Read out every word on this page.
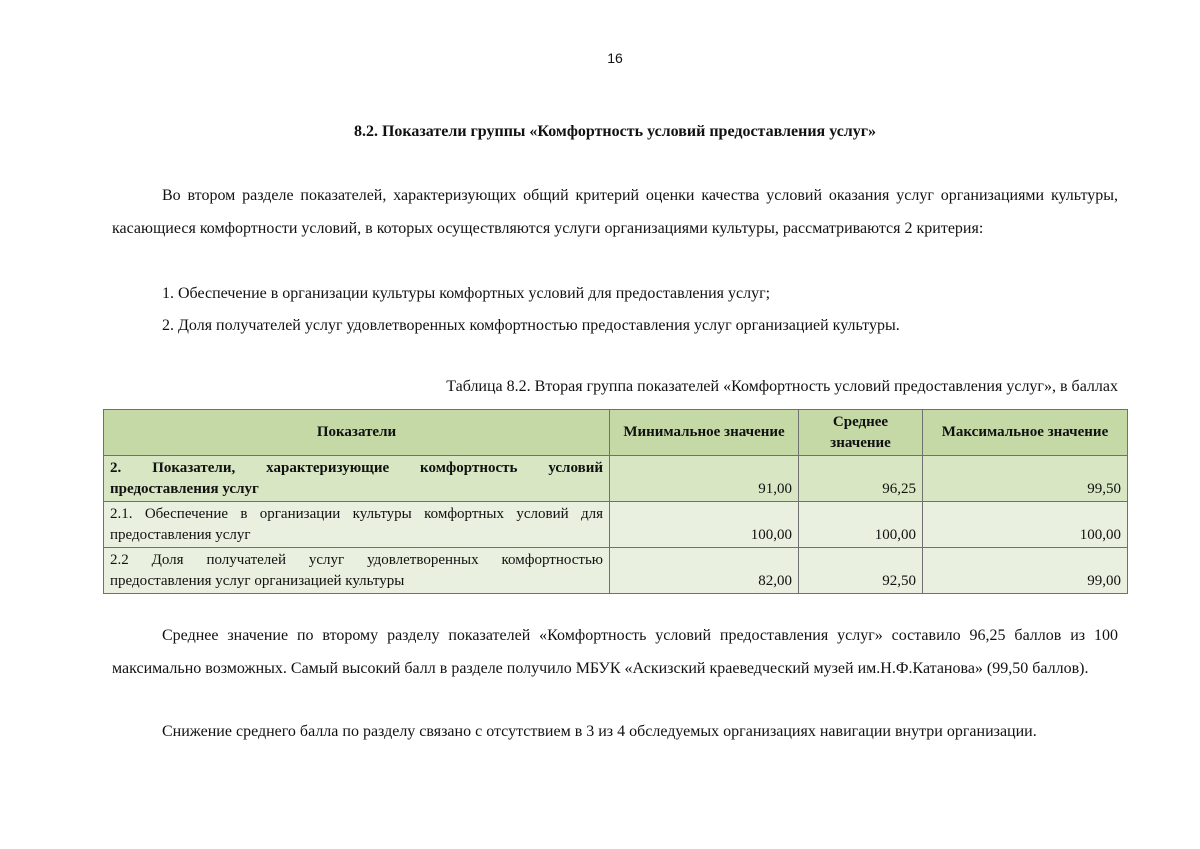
16
8.2. Показатели группы «Комфортность условий предоставления услуг»

Во втором разделе показателей, характеризующих общий критерий оценки качества условий оказания услуг организациями культуры, касающиеся комфортности условий, в которых осуществляются услуги организациями культуры, рассматриваются 2 критерия:

1. Обеспечение в организации культуры комфортных условий для предоставления услуг;

2. Доля получателей услуг удовлетворенных комфортностью предоставления услуг организацией культуры.

Таблица 8.2. Вторая группа показателей «Комфортность условий предоставления услуг», в баллах
Показатели	Минимальное значение	Среднее значение	Максимальное значение
2. Показатели, характеризующие комфортность условий предоставления услуг	91,00	96,25	99,50
2.1. Обеспечение в организации культуры комфортных условий для предоставления услуг	100,00	100,00	100,00
2.2 Доля получателей услуг удовлетворенных комфортностью предоставления услуг организацией культуры	82,00	92,50	99,00

Среднее значение по второму разделу показателей «Комфортность условий предоставления услуг» составило 96,25 баллов из 100 максимально возможных. Самый высокий балл в разделе получило МБУК «Аскизский краеведческий музей им.Н.Ф.Катанова» (99,50 баллов).

Снижение среднего балла по разделу связано с отсутствием в 3 из 4 обследуемых организациях навигации внутри организации.
